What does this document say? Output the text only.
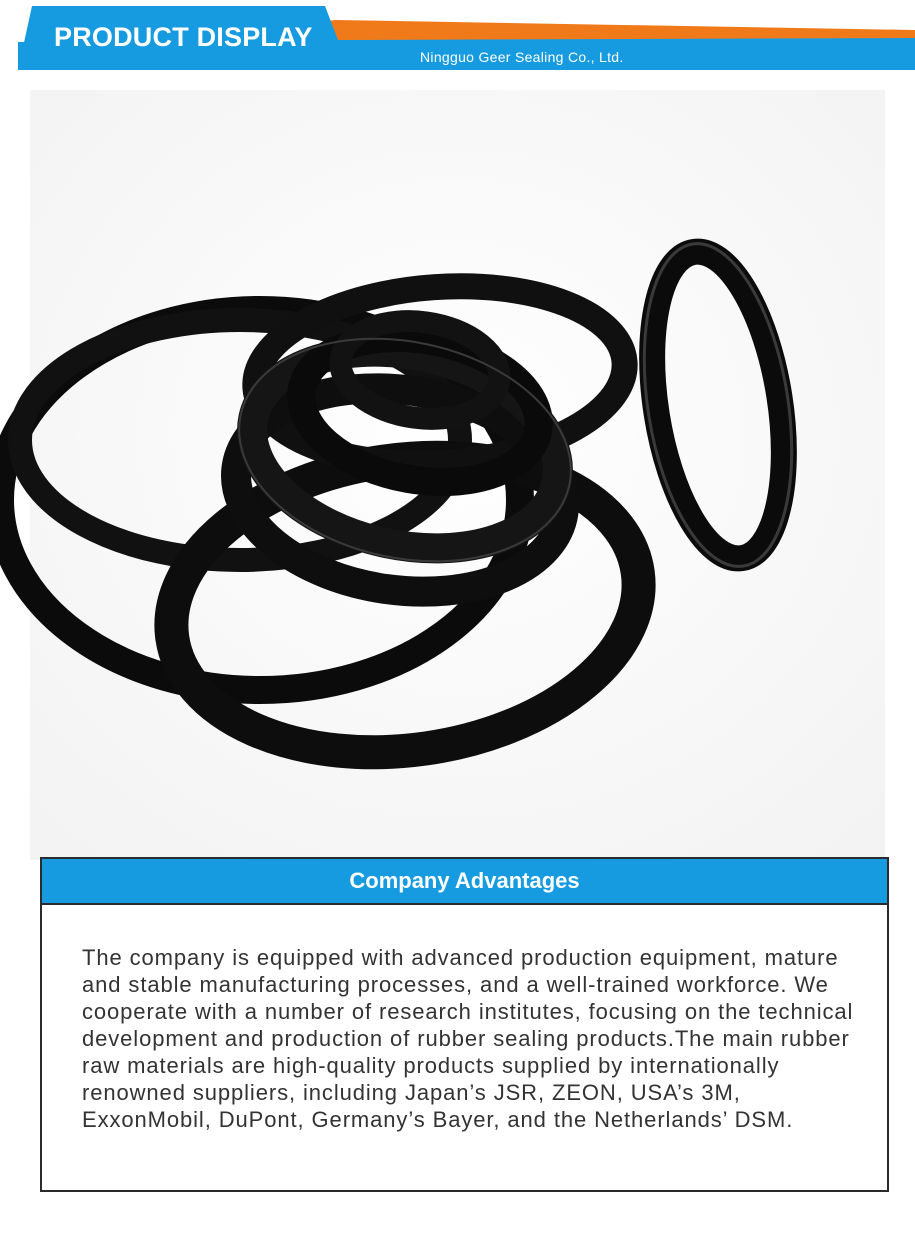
PRODUCT DISPLAY
Ningguo Geer Sealing Co., Ltd.
Company Advantages
The company is equipped with advanced production equipment, mature and stable manufacturing processes, and a well-trained workforce. We cooperate with a number of research institutes, focusing on the technical development and production of rubber sealing products.The main rubber raw materials are high-quality products supplied by internationally renowned suppliers, including Japan’s JSR, ZEON, USA’s 3M, ExxonMobil, DuPont, Germany’s Bayer, and the Netherlands’ DSM.
